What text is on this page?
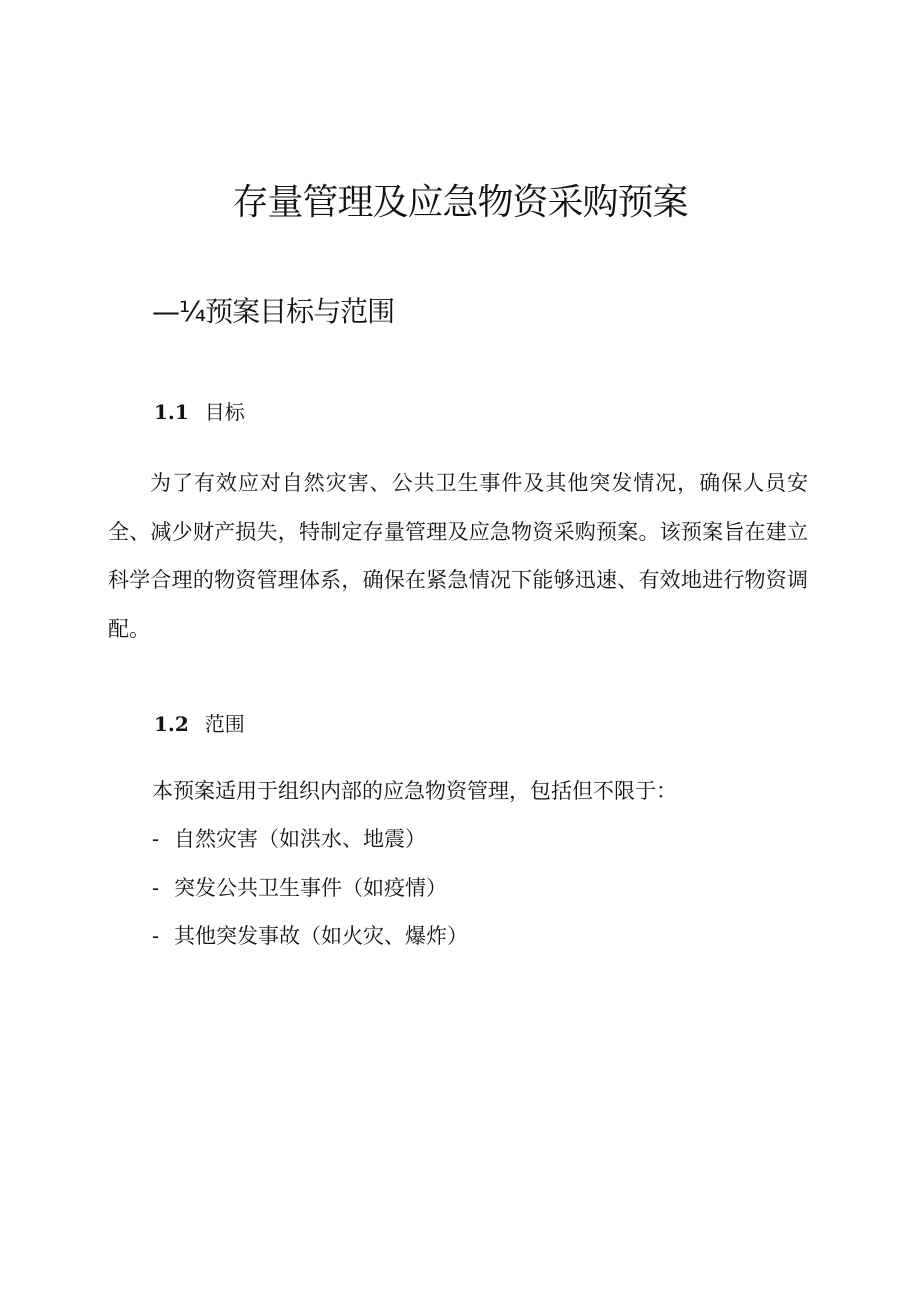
存量管理及应急物资采购预案
—¼预案目标与范围
1.1 目标
为了有效应对自然灾害、公共卫生事件及其他突发情况，确保人员安全、减少财产损失，特制定存量管理及应急物资采购预案。该预案旨在建立科学合理的物资管理体系，确保在紧急情况下能够迅速、有效地进行物资调配。
1.2 范围
本预案适用于组织内部的应急物资管理，包括但不限于：
- 自然灾害（如洪水、地震）
- 突发公共卫生事件（如疫情）
- 其他突发事故（如火灾、爆炸）
